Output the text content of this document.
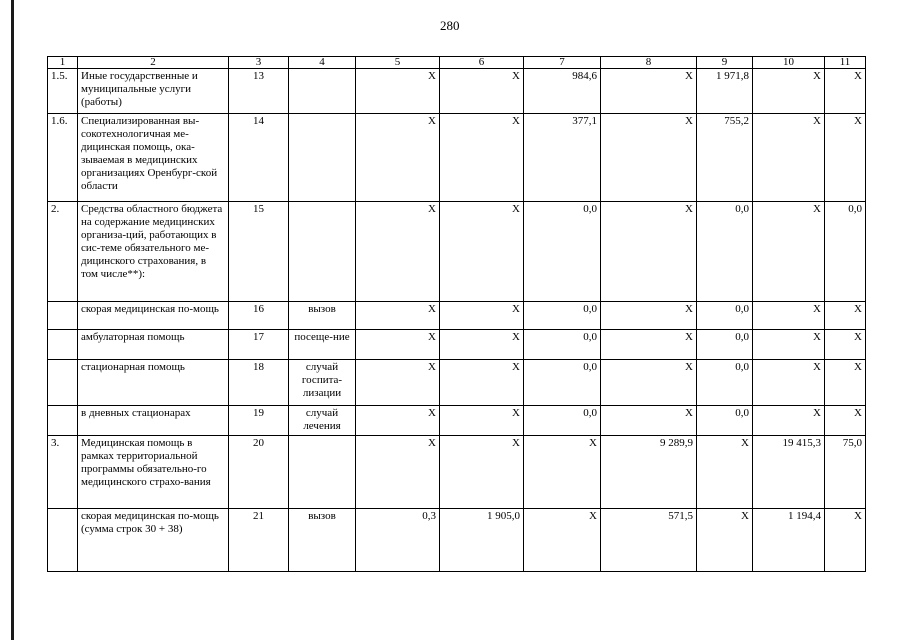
280
1	2	3	4	5	6	7	8	9	10	11
1.5.	Иные государственные и муниципальные услуги (работы)	13		Х	Х	984,6	Х	1 971,8	Х	Х
1.6.	Специализированная вы-сокотехнологичная ме-дицинская помощь, ока-зываемая в медицинских организациях Оренбург-ской области	14		Х	Х	377,1	Х	755,2	Х	Х
2.	Средства областного бюджета на содержание медицинских организа-ций, работающих в сис-теме обязательного ме-дицинского страхования, в том числе**):	15		Х	Х	0,0	Х	0,0	Х	0,0
	скорая медицинская по-мощь	16	вызов	Х	Х	0,0	Х	0,0	Х	Х
	амбулаторная помощь	17	посеще-ние	Х	Х	0,0	Х	0,0	Х	Х
	стационарная помощь	18	случай госпита-лизации	Х	Х	0,0	Х	0,0	Х	Х
	в дневных стационарах	19	случай лечения	Х	Х	0,0	Х	0,0	Х	Х
3.	Медицинская помощь в рамках территориальной программы обязательно-го медицинского страхо-вания	20		Х	Х	Х	9 289,9	Х	19 415,3	75,0
	скорая медицинская по-мощь (сумма строк 30 + 38)	21	вызов	0,3	1 905,0	Х	571,5	Х	1 194,4	Х
